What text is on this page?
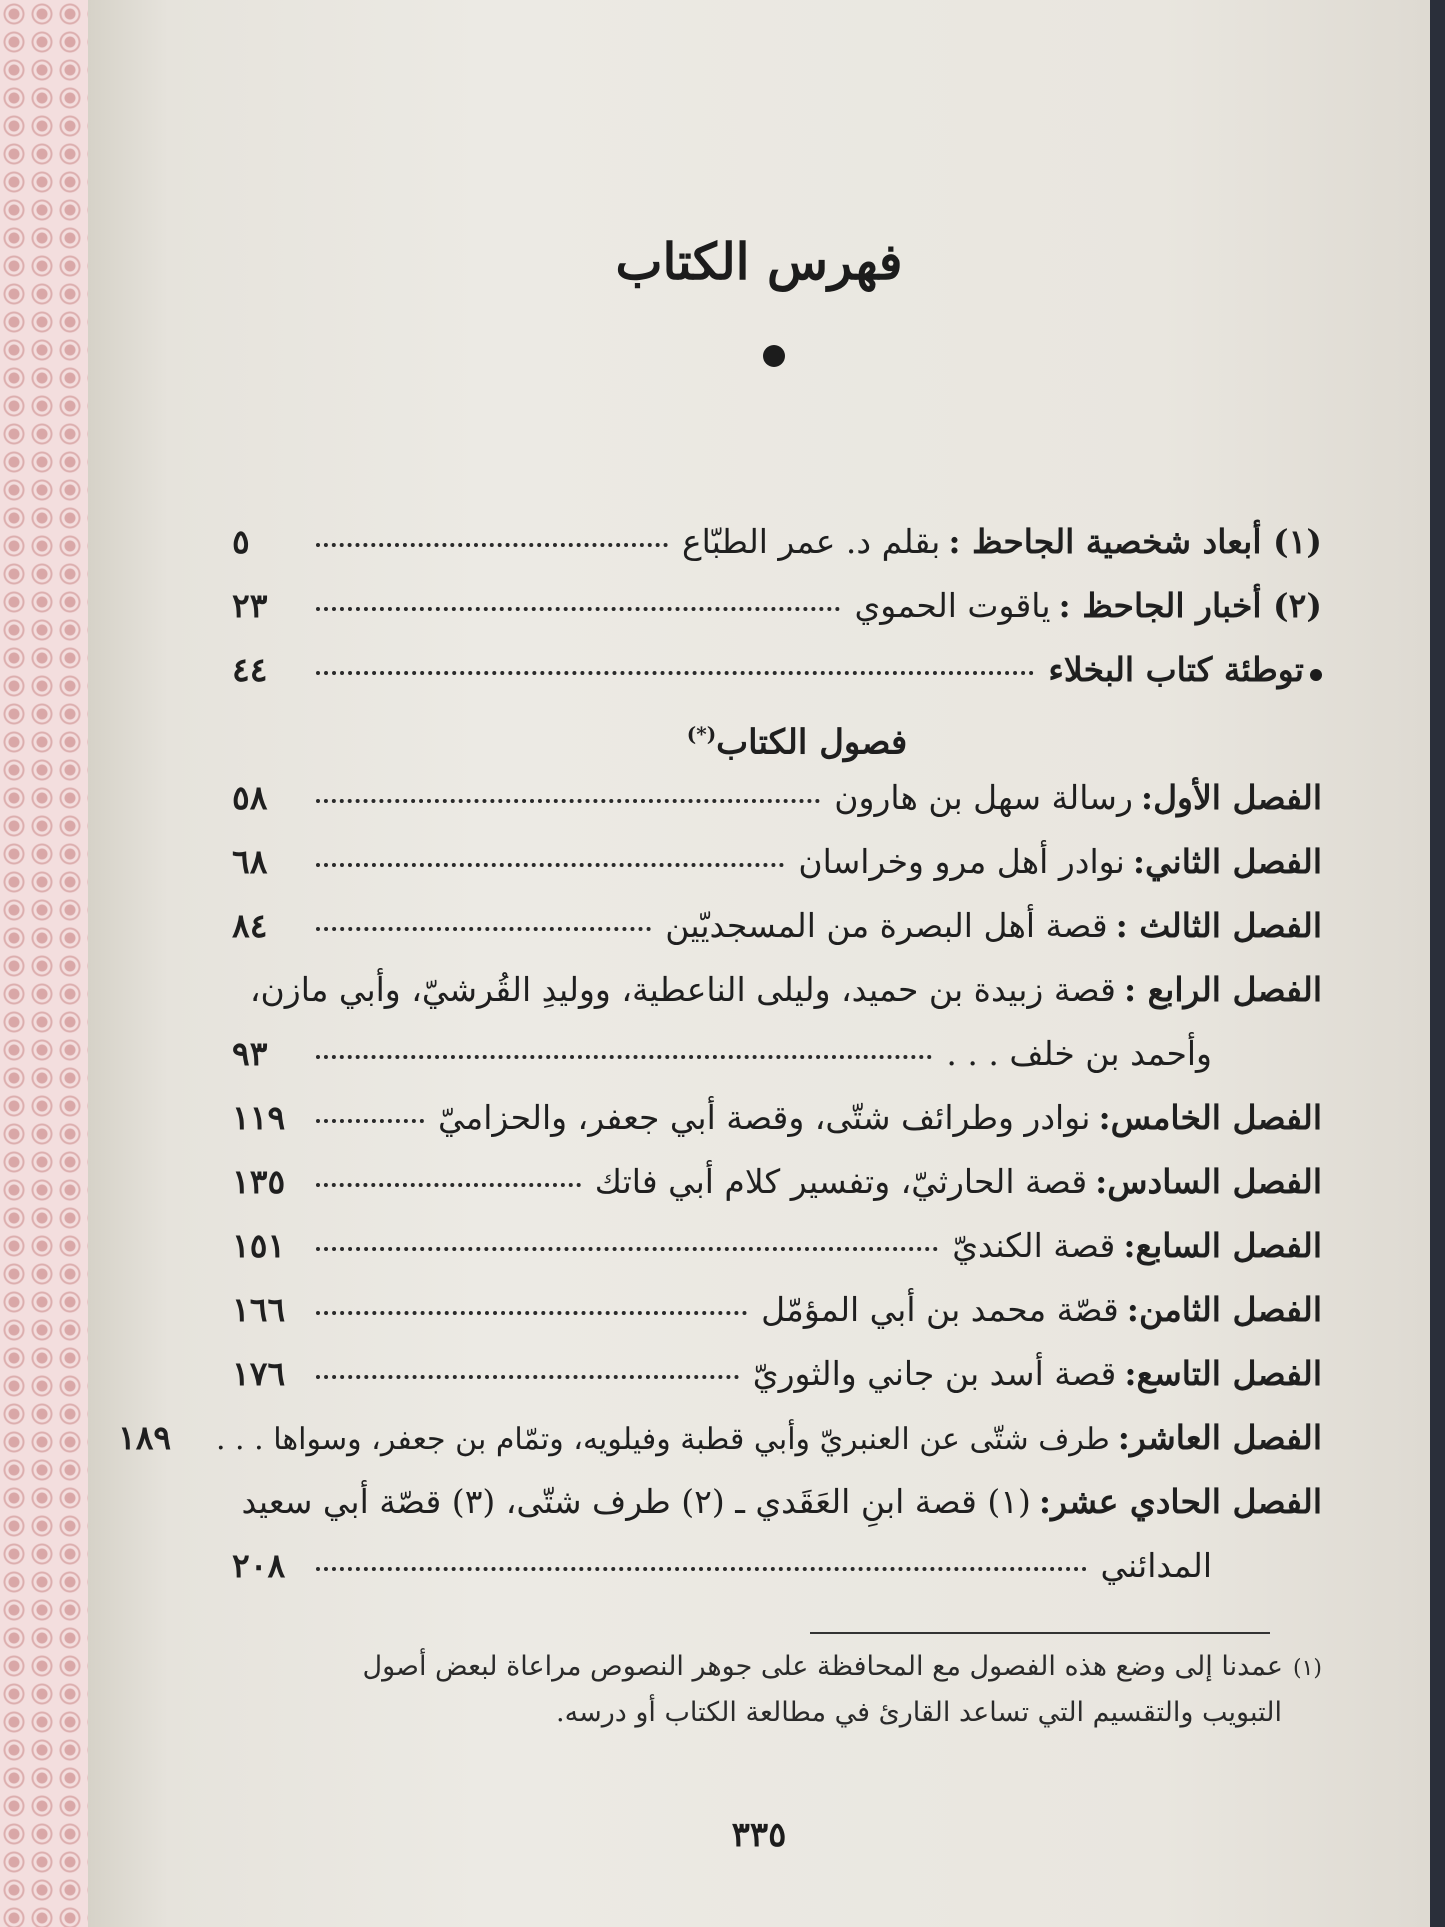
فهرس الكتاب
(١) أبعاد شخصية الجاحظ :
بقلم د. عمر الطبّاع
٥
(٢) أخبار الجاحظ :
ياقوت الحموي
٢٣
توطئة كتاب البخلاء
٤٤
فصول الكتاب(*)
الفصل الأول:
رسالة سهل بن هارون
٥٨
الفصل الثاني:
نوادر أهل مرو وخراسان
٦٨
الفصل الثالث :
قصة أهل البصرة من المسجديّين
٨٤
الفصل الرابع :
قصة زبيدة بن حميد، وليلى الناعطية، ووليدِ القُرشيّ، وأبي مازن،
وأحمد بن خلف . . .
٩٣
الفصل الخامس:
نوادر وطرائف شتّى، وقصة أبي جعفر، والحزاميّ
١١٩
الفصل السادس:
قصة الحارثيّ، وتفسير كلام أبي فاتك
١٣٥
الفصل السابع:
قصة الكنديّ
١٥١
الفصل الثامن:
قصّة محمد بن أبي المؤمّل
١٦٦
الفصل التاسع:
قصة أسد بن جاني والثوريّ
١٧٦
الفصل العاشر:
طرف شتّى عن العنبريّ وأبي قطبة وفيلويه، وتمّام بن جعفر، وسواها . . .
١٨٩
الفصل الحادي عشر:
(١) قصة ابنِ العَقَدي ـ (٢) طرف شتّى، (٣) قصّة أبي سعيد
المدائني
٢٠٨
(١)عمدنا إلى وضع هذه الفصول مع المحافظة على جوهر النصوص مراعاة لبعض أصول
التبويب والتقسيم التي تساعد القارئ في مطالعة الكتاب أو درسه.
٣٣٥
